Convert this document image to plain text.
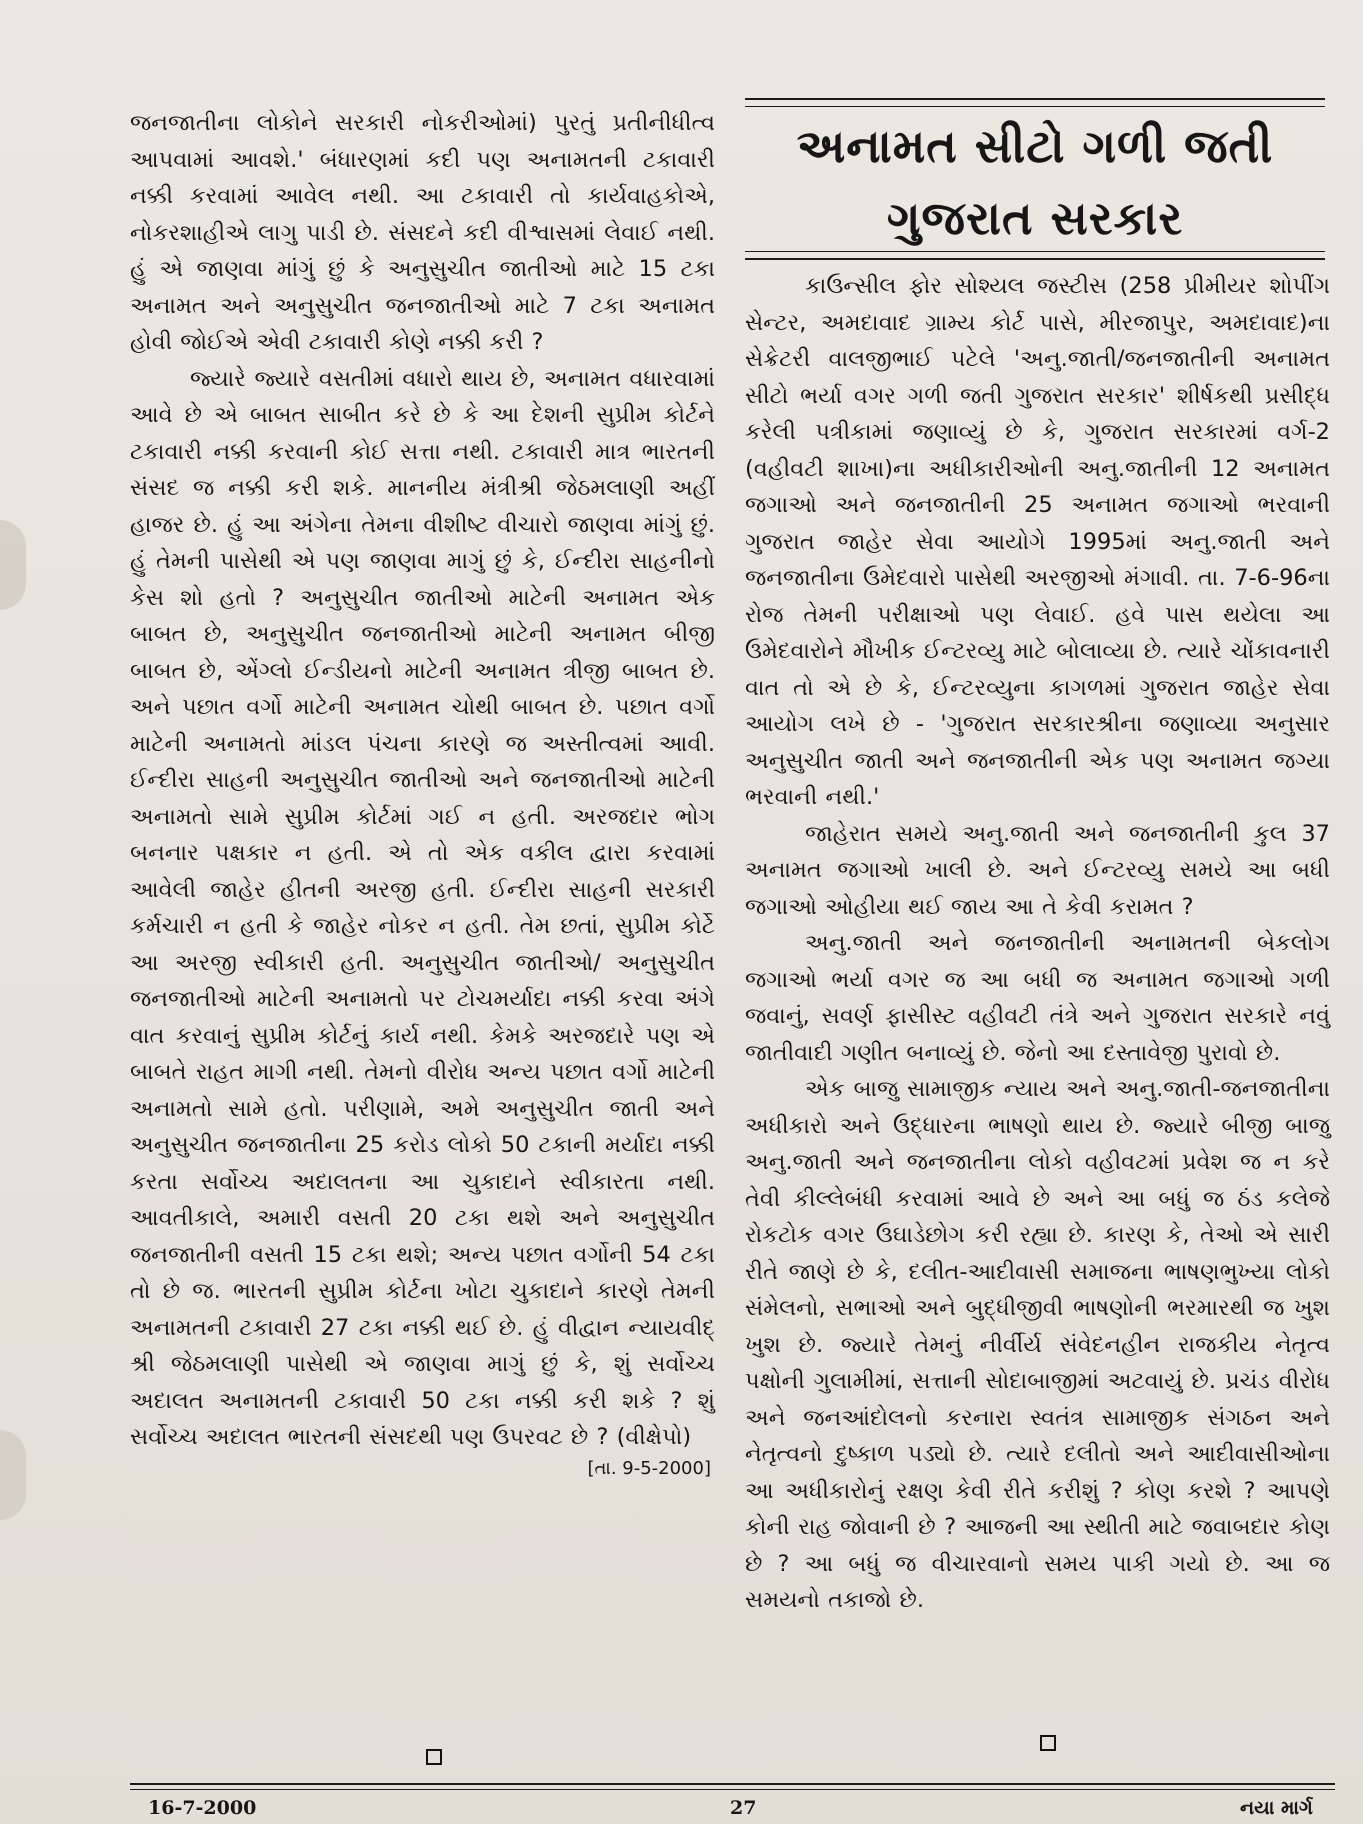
જનજાતીના લોકોને સરકારી નોકરીઓમાં) પુરતું પ્રતીનીધીત્વ આપવામાં આવશે.' બંધારણમાં કદી પણ અનામતની ટકાવારી નક્કી કરવામાં આવેલ નથી. આ ટકાવારી તો કાર્યવાહકોએ, નોકરશાહીએ લાગુ પાડી છે. સંસદને કદી વીશ્વાસમાં લેવાઈ નથી. હું એ જાણવા માંગું છું કે અનુસુચીત જાતીઓ માટે 15 ટકા અનામત અને અનુસુચીત જનજાતીઓ માટે 7 ટકા અનામત હોવી જોઈએ એવી ટકાવારી કોણે નક્કી કરી ?

જ્યારે જ્યારે વસતીમાં વધારો થાય છે, અનામત વધારવામાં આવે છે એ બાબત સાબીત કરે છે કે આ દેશની સુપ્રીમ કોર્ટને ટકાવારી નક્કી કરવાની કોઈ સત્તા નથી. ટકાવારી માત્ર ભારતની સંસદ જ નક્કી કરી શકે. માનનીય મંત્રીશ્રી જેઠમલાણી અહીં હાજર છે. હું આ અંગેના તેમના વીશીષ્ટ વીચારો જાણવા માંગું છું. હું તેમની પાસેથી એ પણ જાણવા માગું છું કે, ઈન્દીરા સાહનીનો કેસ શો હતો ? અનુસુચીત જાતીઓ માટેની અનામત એક બાબત છે, અનુસુચીત જનજાતીઓ માટેની અનામત બીજી બાબત છે, એંગ્લો ઈન્ડીયનો માટેની અનામત ત્રીજી બાબત છે. અને પછાત વર્ગો માટેની અનામત ચોથી બાબત છે. પછાત વર્ગો માટેની અનામતો માંડલ પંચના કારણે જ અસ્તીત્વમાં આવી. ઈન્દીરા સાહની અનુસુચીત જાતીઓ અને જનજાતીઓ માટેની અનામતો સામે સુપ્રીમ કોર્ટમાં ગઈ ન હતી. અરજદાર ભોગ બનનાર પક્ષકાર ન હતી. એ તો એક વકીલ દ્વારા કરવામાં આવેલી જાહેર હીતની અરજી હતી. ઈન્દીરા સાહની સરકારી કર્મચારી ન હતી કે જાહેર નોકર ન હતી. તેમ છતાં, સુપ્રીમ કોર્ટે આ અરજી સ્વીકારી હતી. અનુસુચીત જાતીઓ/ અનુસુચીત જનજાતીઓ માટેની અનામતો પર ટોચમર્યાદા નક્કી કરવા અંગે વાત કરવાનું સુપ્રીમ કોર્ટનું કાર્ય નથી. કેમકે અરજદારે પણ એ બાબતે રાહત માગી નથી. તેમનો વીરોધ અન્ય પછાત વર્ગો માટેની અનામતો સામે હતો. પરીણામે, અમે અનુસુચીત જાતી અને અનુસુચીત જનજાતીના 25 કરોડ લોકો 50 ટકાની મર્યાદા નક્કી કરતા સર્વોચ્ચ અદાલતના આ ચુકાદાને સ્વીકારતા નથી. આવતીકાલે, અમારી વસતી 20 ટકા થશે અને અનુસુચીત જનજાતીની વસતી 15 ટકા થશે; અન્ય પછાત વર્ગોની 54 ટકા તો છે જ. ભારતની સુપ્રીમ કોર્ટના ખોટા ચુકાદાને કારણે તેમની અનામતની ટકાવારી 27 ટકા નક્કી થઈ છે. હું વીદ્વાન ન્યાયવીદ્ શ્રી જેઠમલાણી પાસેથી એ જાણવા માગું છું કે, શું સર્વોચ્ચ અદાલત અનામતની ટકાવારી 50 ટકા નક્કી કરી શકે ? શું સર્વોચ્ચ અદાલત ભારતની સંસદથી પણ ઉપરવટ છે ? (વીક્ષેપો)

[તા. 9-5-2000]

અનામત સીટો ગળી જતી

ગુજરાત સરકાર

કાઉન્સીલ ફોર સોશ્યલ જસ્ટીસ (258 પ્રીમીયર શોપીંગ સેન્ટર, અમદાવાદ ગ્રામ્ય કોર્ટ પાસે, મીરજાપુર, અમદાવાદ)ના સેક્રેટરી વાલજીભાઈ પટેલે 'અનુ.જાતી/જનજાતીની અનામત સીટો ભર્યા વગર ગળી જતી ગુજરાત સરકાર' શીર્ષકથી પ્રસીદ્ધ કરેલી પત્રીકામાં જણાવ્યું છે કે, ગુજરાત સરકારમાં વર્ગ-2 (વહીવટી શાખા)ના અધીકારીઓની અનુ.જાતીની 12 અનામત જગાઓ અને જનજાતીની 25 અનામત જગાઓ ભરવાની ગુજરાત જાહેર સેવા આયોગે 1995માં અનુ.જાતી અને જનજાતીના ઉમેદવારો પાસેથી અરજીઓ મંગાવી. તા. 7-6-96ના રોજ તેમની પરીક્ષાઓ પણ લેવાઈ. હવે પાસ થયેલા આ ઉમેદવારોને મૌખીક ઈન્ટરવ્યુ માટે બોલાવ્યા છે. ત્યારે ચોંકાવનારી વાત તો એ છે કે, ઈન્ટરવ્યુના કાગળમાં ગુજરાત જાહેર સેવા આયોગ લખે છે - 'ગુજરાત સરકારશ્રીના જણાવ્યા અનુસાર અનુસુચીત જાતી અને જનજાતીની એક પણ અનામત જગ્યા ભરવાની નથી.'

જાહેરાત સમયે અનુ.જાતી અને જનજાતીની કુલ 37 અનામત જગાઓ ખાલી છે. અને ઈન્ટરવ્યુ સમયે આ બધી જગાઓ ઓહીયા થઈ જાય આ તે કેવી કરામત ?

અનુ.જાતી અને જનજાતીની અનામતની બેકલોગ જગાઓ ભર્યા વગર જ આ બધી જ અનામત જગાઓ ગળી જવાનું, સવર્ણ ફાસીસ્ટ વહીવટી તંત્રે અને ગુજરાત સરકારે નવું જાતીવાદી ગણીત બનાવ્યું છે. જેનો આ દસ્તાવેજી પુરાવો છે.

એક બાજુ સામાજીક ન્યાય અને અનુ.જાતી-જનજાતીના અધીકારો અને ઉદ્ધારના ભાષણો થાય છે. જ્યારે બીજી બાજુ અનુ.જાતી અને જનજાતીના લોકો વહીવટમાં પ્રવેશ જ ન કરે તેવી કીલ્લેબંધી કરવામાં આવે છે અને આ બધું જ ઠંડ કલેજે રોકટોક વગર ઉઘાડેછોગ કરી રહ્યા છે. કારણ કે, તેઓ એ સારી રીતે જાણે છે કે, દલીત-આદીવાસી સમાજના ભાષણભુખ્યા લોકો સંમેલનો, સભાઓ અને બુદ્ધીજીવી ભાષણોની ભરમારથી જ ખુશ ખુશ છે. જ્યારે તેમનું નીર્વીર્ય સંવેદનહીન રાજકીય નેતૃત્વ પક્ષોની ગુલામીમાં, સત્તાની સોદાબાજીમાં અટવાયું છે. પ્રચંડ વીરોધ અને જનઆંદોલનો કરનારા સ્વતંત્ર સામાજીક સંગઠન અને નેતૃત્વનો દુષ્કાળ પડ્યો છે. ત્યારે દલીતો અને આદીવાસીઓના આ અધીકારોનું રક્ષણ કેવી રીતે કરીશું ? કોણ કરશે ? આપણે કોની રાહ જોવાની છે ? આજની આ સ્થીતી માટે જવાબદાર કોણ છે ? આ બધું જ વીચારવાનો સમય પાકી ગયો છે. આ જ સમયનો તકાજો છે.

16-7-2000	27	નયા માર્ગ
